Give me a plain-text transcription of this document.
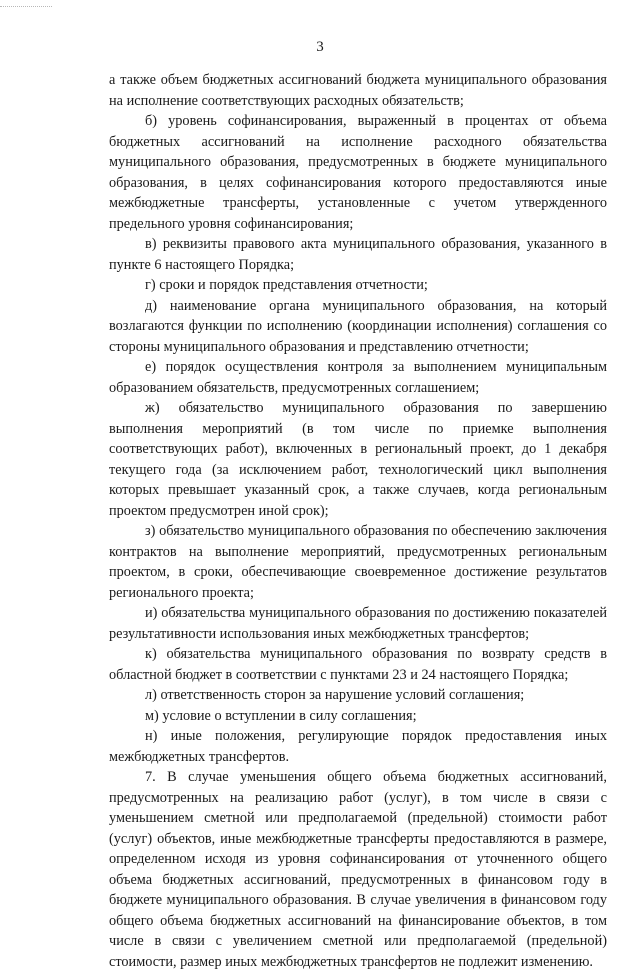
3

а также объем бюджетных ассигнований бюджета муниципального образования на исполнение соответствующих расходных обязательств;

б) уровень софинансирования, выраженный в процентах от объема бюджетных ассигнований на исполнение расходного обязательства муниципального образования, предусмотренных в бюджете муниципального образования, в целях софинансирования которого предоставляются иные межбюджетные трансферты, установленные с учетом утвержденного предельного уровня софинансирования;

в) реквизиты правового акта муниципального образования, указанного в пункте 6 настоящего Порядка;

г) сроки и порядок представления отчетности;

д) наименование органа муниципального образования, на который возлагаются функции по исполнению (координации исполнения) соглашения со стороны муниципального образования и представлению отчетности;

е) порядок осуществления контроля за выполнением муниципальным образованием обязательств, предусмотренных соглашением;

ж) обязательство муниципального образования по завершению выполнения мероприятий (в том числе по приемке выполнения соответствующих работ), включенных в региональный проект, до 1 декабря текущего года (за исключением работ, технологический цикл выполнения которых превышает указанный срок, а также случаев, когда региональным проектом предусмотрен иной срок);

з) обязательство муниципального образования по обеспечению заключения контрактов на выполнение мероприятий, предусмотренных региональным проектом, в сроки, обеспечивающие своевременное достижение результатов регионального проекта;

и) обязательства муниципального образования по достижению показателей результативности использования иных межбюджетных трансфертов;

к) обязательства муниципального образования по возврату средств в областной бюджет в соответствии с пунктами 23 и 24 настоящего Порядка;

л) ответственность сторон за нарушение условий соглашения;

м) условие о вступлении в силу соглашения;

н) иные положения, регулирующие порядок предоставления иных межбюджетных трансфертов.

7. В случае уменьшения общего объема бюджетных ассигнований, предусмотренных на реализацию работ (услуг), в том числе в связи с уменьшением сметной или предполагаемой (предельной) стоимости работ (услуг) объектов, иные межбюджетные трансферты предоставляются в размере, определенном исходя из уровня софинансирования от уточненного общего объема бюджетных ассигнований, предусмотренных в финансовом году в бюджете муниципального образования. В случае увеличения в финансовом году общего объема бюджетных ассигнований на финансирование объектов, в том числе в связи с увеличением сметной или предполагаемой (предельной) стоимости, размер иных межбюджетных трансфертов не подлежит изменению.
